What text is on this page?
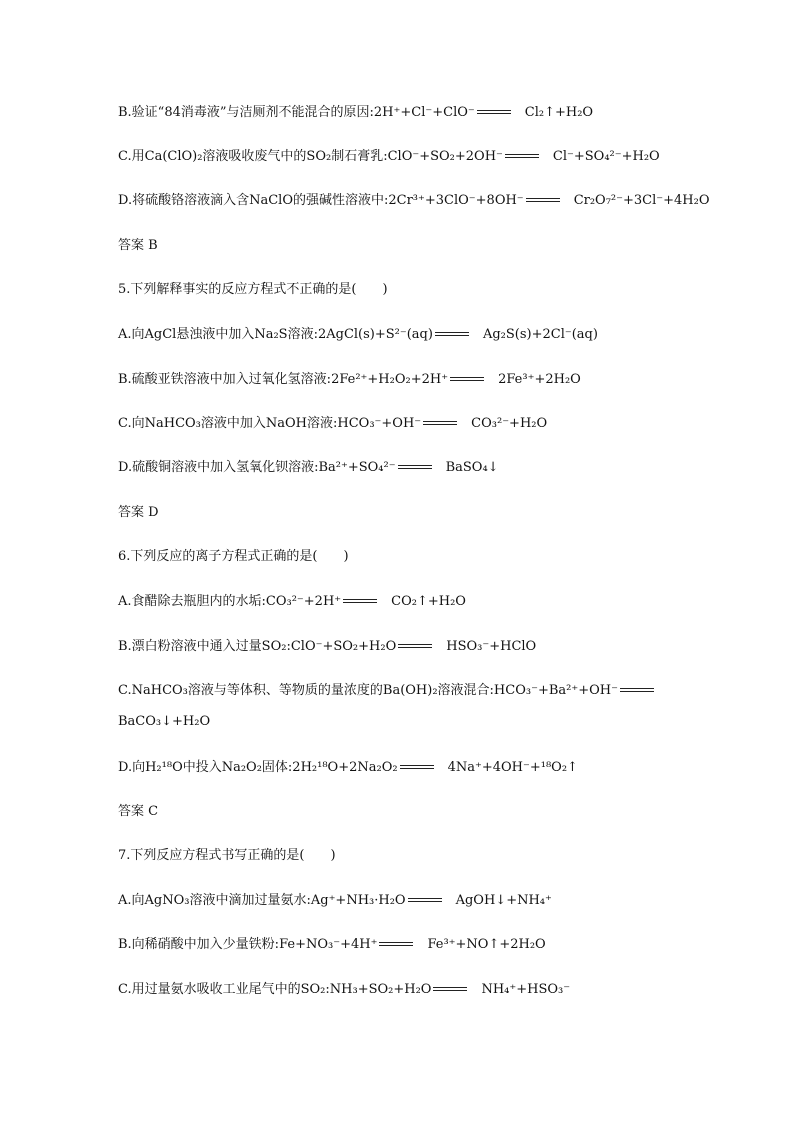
B.验证“84消毒液”与洁厕剂不能混合的原因:2H⁺+Cl⁻+ClO⁻	Cl₂↑+H₂O
C.用Ca(ClO)₂溶液吸收废气中的SO₂制石膏乳:ClO⁻+SO₂+2OH⁻	Cl⁻+SO₄²⁻+H₂O
D.将硫酸铬溶液滴入含NaClO的强碱性溶液中:2Cr³⁺+3ClO⁻+8OH⁻	Cr₂O₇²⁻+3Cl⁻+4H₂O
答案 B
5.下列解释事实的反应方程式不正确的是(　　)
A.向AgCl悬浊液中加入Na₂S溶液:2AgCl(s)+S²⁻(aq)	Ag₂S(s)+2Cl⁻(aq)
B.硫酸亚铁溶液中加入过氧化氢溶液:2Fe²⁺+H₂O₂+2H⁺	2Fe³⁺+2H₂O
C.向NaHCO₃溶液中加入NaOH溶液:HCO₃⁻+OH⁻	CO₃²⁻+H₂O
D.硫酸铜溶液中加入氢氧化钡溶液:Ba²⁺+SO₄²⁻	BaSO₄↓
答案 D
6.下列反应的离子方程式正确的是(　　)
A.食醋除去瓶胆内的水垢:CO₃²⁻+2H⁺	CO₂↑+H₂O
B.漂白粉溶液中通入过量SO₂:ClO⁻+SO₂+H₂O	HSO₃⁻+HClO
C.NaHCO₃溶液与等体积、等物质的量浓度的Ba(OH)₂溶液混合:HCO₃⁻+Ba²⁺+OH⁻
BaCO₃↓+H₂O
D.向H₂¹⁸O中投入Na₂O₂固体:2H₂¹⁸O+2Na₂O₂	4Na⁺+4OH⁻+¹⁸O₂↑
答案 C
7.下列反应方程式书写正确的是(　　)
A.向AgNO₃溶液中滴加过量氨水:Ag⁺+NH₃·H₂O	AgOH↓+NH₄⁺
B.向稀硝酸中加入少量铁粉:Fe+NO₃⁻+4H⁺	Fe³⁺+NO↑+2H₂O
C.用过量氨水吸收工业尾气中的SO₂:NH₃+SO₂+H₂O	NH₄⁺+HSO₃⁻
